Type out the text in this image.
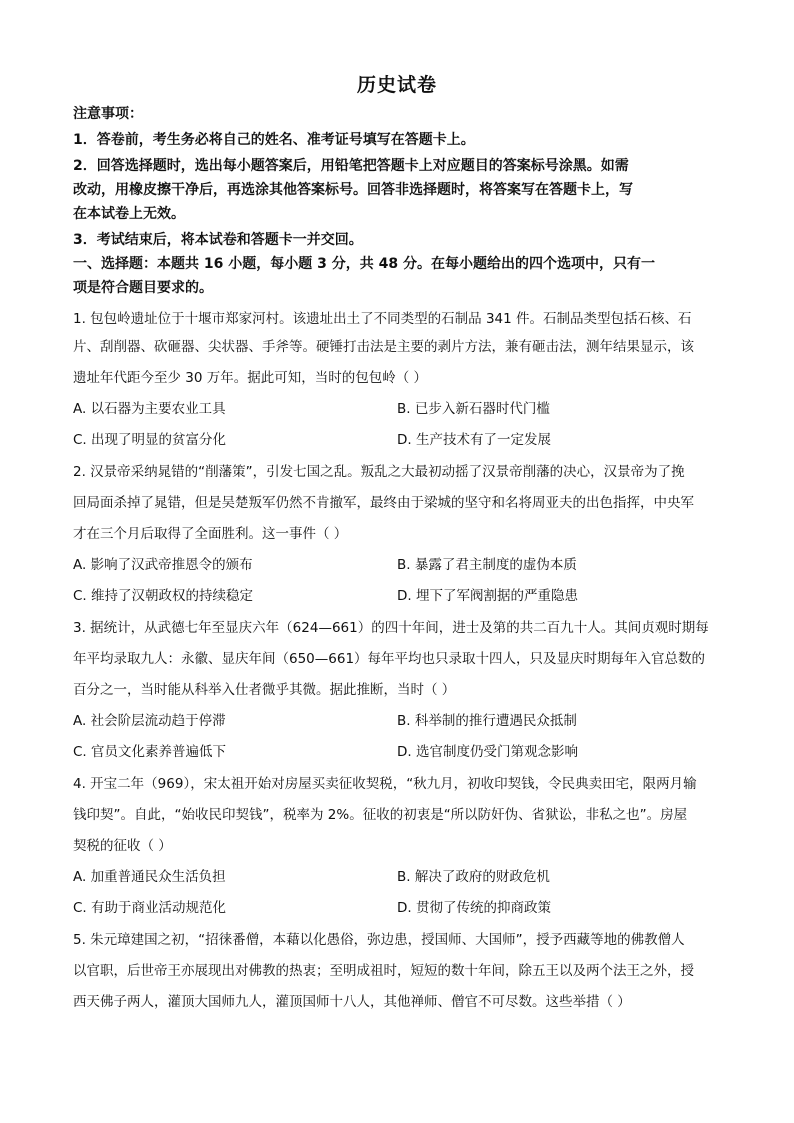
历史试卷
注意事项：
1．答卷前，考生务必将自己的姓名、准考证号填写在答题卡上。
2．回答选择题时，选出每小题答案后，用铅笔把答题卡上对应题目的答案标号涂黑。如需
改动，用橡皮擦干净后，再选涂其他答案标号。回答非选择题时，将答案写在答题卡上，写
在本试卷上无效。
3．考试结束后，将本试卷和答题卡一并交回。
一、选择题：本题共 16 小题，每小题 3 分，共 48 分。在每小题给出的四个选项中，只有一
项是符合题目要求的。
1. 包包岭遗址位于十堰市郑家河村。该遗址出土了不同类型的石制品 341 件。石制品类型包括石核、石
片、刮削器、砍砸器、尖状器、手斧等。硬锤打击法是主要的剥片方法，兼有砸击法，测年结果显示，该
遗址年代距今至少 30 万年。据此可知，当时的包包岭（ ）
A. 以石器为主要农业工具	B. 已步入新石器时代门槛
C. 出现了明显的贫富分化	D. 生产技术有了一定发展
2. 汉景帝采纳晁错的“削藩策”，引发七国之乱。叛乱之大最初动摇了汉景帝削藩的决心，汉景帝为了挽
回局面杀掉了晁错，但是吴楚叛军仍然不肯撤军，最终由于梁城的坚守和名将周亚夫的出色指挥，中央军
才在三个月后取得了全面胜利。这一事件（ ）
A. 影响了汉武帝推恩令的颁布	B. 暴露了君主制度的虚伪本质
C. 维持了汉朝政权的持续稳定	D. 埋下了军阀割据的严重隐患
3. 据统计，从武德七年至显庆六年（624—661）的四十年间，进士及第的共二百九十人。其间贞观时期每
年平均录取九人：永徽、显庆年间（650—661）每年平均也只录取十四人，只及显庆时期每年入官总数的
百分之一，当时能从科举入仕者微乎其微。据此推断，当时（ ）
A. 社会阶层流动趋于停滞	B. 科举制的推行遭遇民众抵制
C. 官员文化素养普遍低下	D. 选官制度仍受门第观念影响
4. 开宝二年（969），宋太祖开始对房屋买卖征收契税，“秋九月，初收印契钱，令民典卖田宅，限两月输
钱印契”。自此，“始收民印契钱”，税率为 2%。征收的初衷是“所以防奸伪、省狱讼，非私之也”。房屋
契税的征收（ ）
A. 加重普通民众生活负担	B. 解决了政府的财政危机
C. 有助于商业活动规范化	D. 贯彻了传统的抑商政策
5. 朱元璋建国之初，“招徕番僧，本藉以化愚俗，弥边患，授国师、大国师”，授予西藏等地的佛教僧人
以官职，后世帝王亦展现出对佛教的热衷；至明成祖时，短短的数十年间，除五王以及两个法王之外，授
西天佛子两人，灌顶大国师九人，灌顶国师十八人，其他禅师、僧官不可尽数。这些举措（ ）
